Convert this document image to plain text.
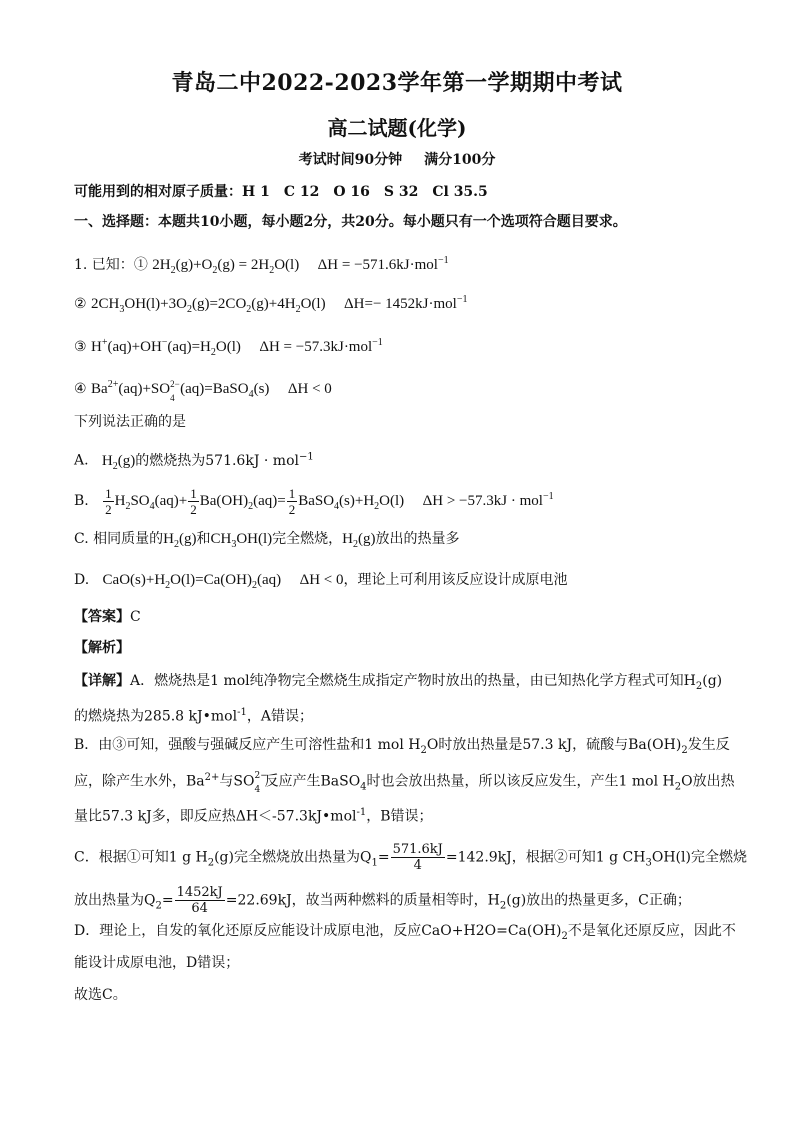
青岛二中2022-2023学年第一学期期中考试
高二试题(化学)
考试时间90分钟 满分100分
可能用到的相对原子质量：H 1　C 12　O 16　S 32　Cl 35.5
一、选择题：本题共10小题，每小题2分，共20分。每小题只有一个选项符合题目要求。
1. 已知：① $2H_2(g)+O_2(g) = 2H_2O(l) \Delta H = -571.6kJ\cdot mol^{-1}$
② $2CH_3OH(l)+3O_2(g)=2CO_2(g)+4H_2O(l)$ ΔH=− 1452kJ·mol$^{-1}$
③ $H^+(aq)+OH^-(aq)=H_2O(l) \Delta H = -57.3kJ\cdot mol^{-1}$
④ $Ba^{2+}(aq)+SO$ 2−
4
(aq)=BaSO$_4$(s) ΔH < 0
下列说法正确的是
A. $H_2(g)$的燃烧热为571.6kJ · mol$^{-1}$
B. $\frac{1}{2} H_2SO_4(aq)+ \frac{1}{2} Ba(OH)_2(aq)= \frac{1}{2}$ $BaSO_4(s)+H_2O(l) \Delta H > -57.3kJ \cdot mol^{-1}$
C. 相同质量的$H_2(g)$和$CH_3OH(l)$完全燃烧，$H_2(g)$放出的热量多
D. $CaO(s)+H_2O(l)=Ca(OH)_2(aq) \Delta H < 0$，理论上可利用该反应设计成原电池
【答案】C
【解析】
【详解】A．燃烧热是1 mol纯净物完全燃烧生成指定产物时放出的热量，由已知热化学方程式可知$H_2(g)$
的燃烧热为285.8 kJ•mol$^{-1}$，A错误；
B．由③可知，强酸与强碱反应产生可溶性盐和1 mol $H_2O$时放出热量是57.3 kJ，硫酸与$Ba(OH)_2$发生反
应，除产生水外，$Ba^{2+}$与SO 2−
4 反应产生BaSO$_4$时也会放出热量，所以该反应发生，产生1 mol $H_2O$放出热
量比57.3 kJ多，即反应热ΔH＜-57.3kJ•mol$^{-1}$，B错误；
C．根据①可知1 g $H_2(g)$完全燃烧放出热量为$Q_1= \frac{571.6kJ}{4} =142.9kJ$，根据②可知1 g $CH_3OH(l)$完全燃烧
放出热量为$Q_2= \frac{1452kJ}{64} =22.69kJ$，故当两种燃料的质量相等时，$H_2(g)$放出的热量更多，C正确；
D．理论上，自发的氧化还原反应能设计成原电池，反应$CaO+H2O=Ca(OH)_2$不是氧化还原反应，因此不
能设计成原电池，D错误；
故选C。
